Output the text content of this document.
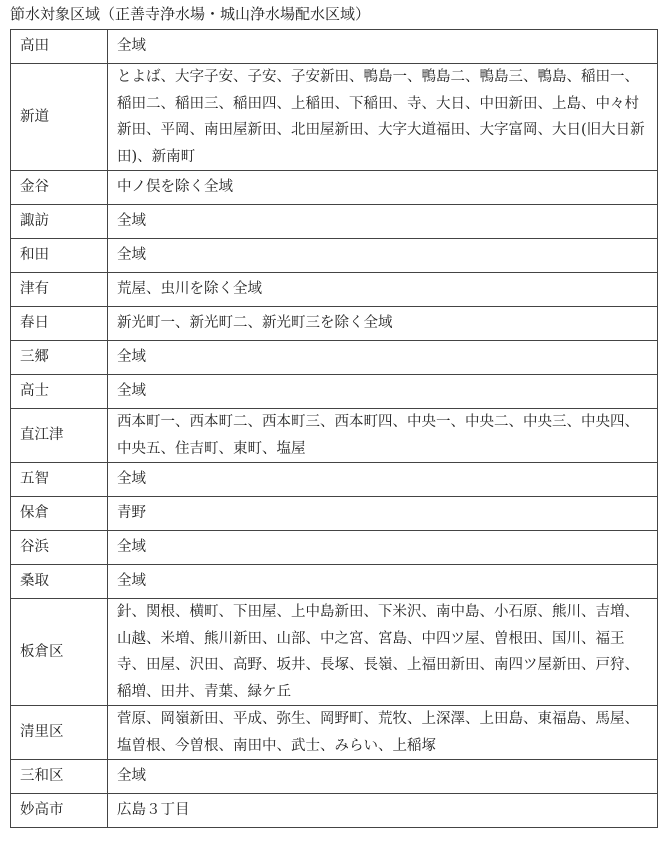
節水対象区域（正善寺浄水場・城山浄水場配水区域）
高田	全域
新道	とよば、大字子安、子安、子安新田、鴨島一、鴨島二、鴨島三、鴨島、稲田一、稲田二、稲田三、稲田四、上稲田、下稲田、寺、大日、中田新田、上島、中々村新田、平岡、南田屋新田、北田屋新田、大字大道福田、大字富岡、大日(旧大日新田)、新南町
金谷	中ノ俣を除く全域
諏訪	全域
和田	全域
津有	荒屋、虫川を除く全域
春日	新光町一、新光町二、新光町三を除く全域
三郷	全域
高士	全域
直江津	西本町一、西本町二、西本町三、西本町四、中央一、中央二、中央三、中央四、中央五、住吉町、東町、塩屋
五智	全域
保倉	青野
谷浜	全域
桑取	全域
板倉区	針、関根、横町、下田屋、上中島新田、下米沢、南中島、小石原、熊川、吉増、山越、米増、熊川新田、山部、中之宮、宮島、中四ツ屋、曽根田、国川、福王寺、田屋、沢田、高野、坂井、長塚、長嶺、上福田新田、南四ツ屋新田、戸狩、稲増、田井、青葉、緑ケ丘
清里区	菅原、岡嶺新田、平成、弥生、岡野町、荒牧、上深澤、上田島、東福島、馬屋、塩曽根、今曽根、南田中、武士、みらい、上稲塚
三和区	全域
妙高市	広島３丁目
